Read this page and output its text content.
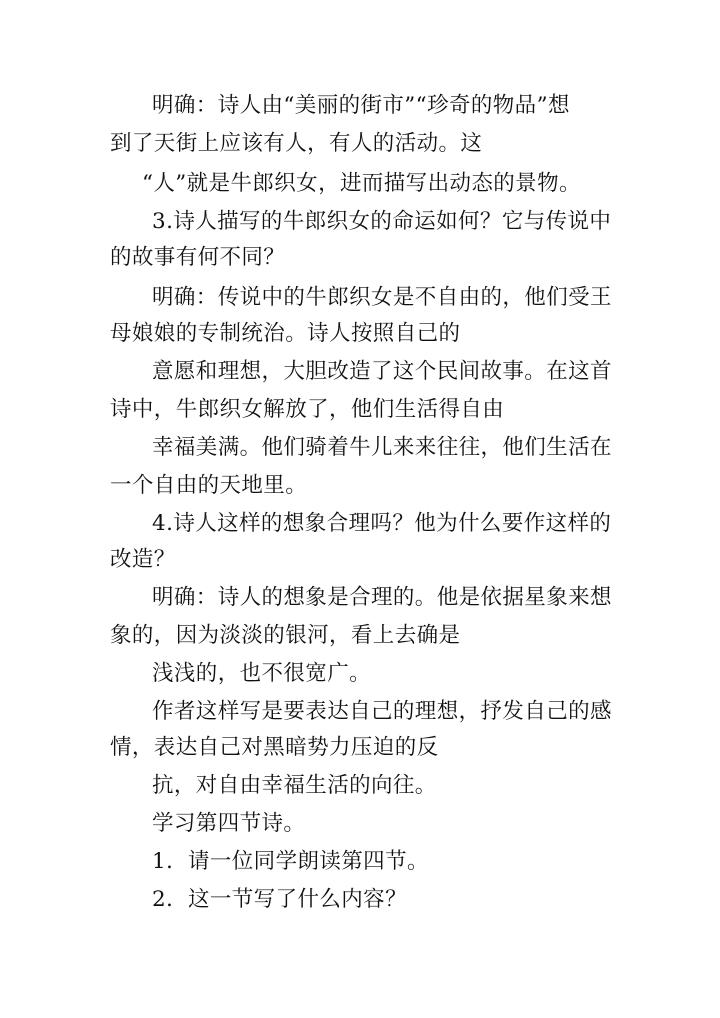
明确：诗人由“美丽的街市”“珍奇的物品”想
到了天街上应该有人，有人的活动。这
“人”就是牛郎织女，进而描写出动态的景物。
3.诗人描写的牛郎织女的命运如何？它与传说中
的故事有何不同？
明确：传说中的牛郎织女是不自由的，他们受王
母娘娘的专制统治。诗人按照自己的
意愿和理想，大胆改造了这个民间故事。在这首
诗中，牛郎织女解放了，他们生活得自由
幸福美满。他们骑着牛儿来来往往，他们生活在
一个自由的天地里。
4.诗人这样的想象合理吗？他为什么要作这样的
改造？
明确：诗人的想象是合理的。他是依据星象来想
象的，因为淡淡的银河，看上去确是
浅浅的，也不很宽广。
作者这样写是要表达自己的理想，抒发自己的感
情，表达自己对黑暗势力压迫的反
抗，对自由幸福生活的向往。
学习第四节诗。
1．请一位同学朗读第四节。
2．这一节写了什么内容？
